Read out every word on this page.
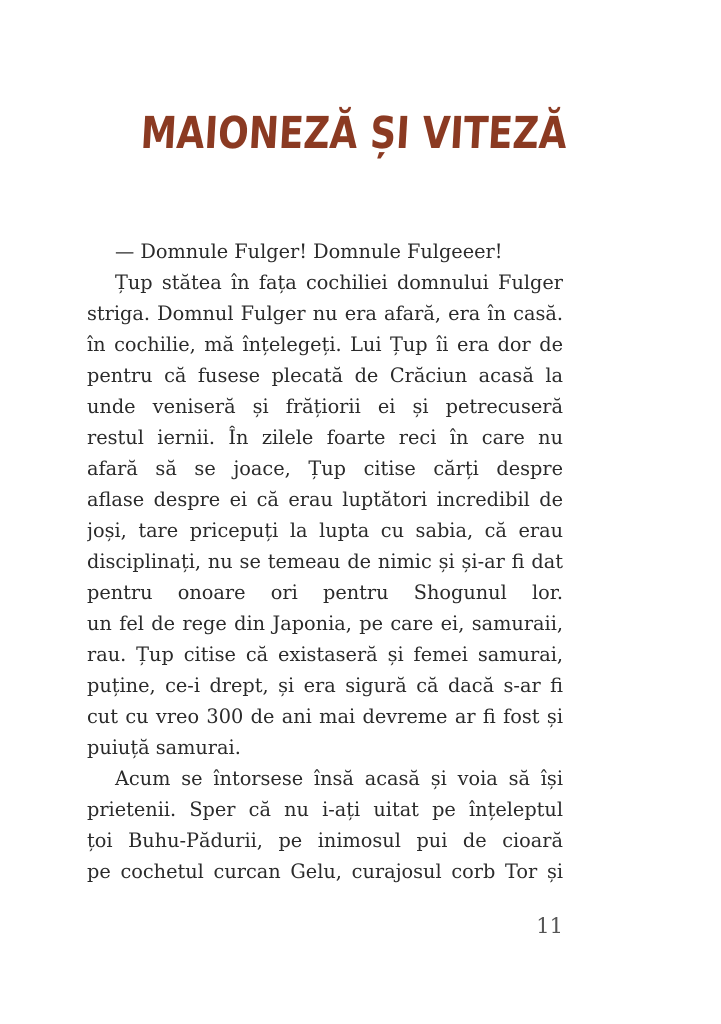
MAIONEZĂ ȘI VITEZĂ
— Domnule Fulger! Domnule Fulgeeer!
Țup stătea în fața cochiliei domnului Fulger
striga. Domnul Fulger nu era afară, era în casă.
în cochilie, mă înțelegeți. Lui Țup îi era dor de
pentru că fusese plecată de Crăciun acasă la
unde veniseră și frățiorii ei și petrecuseră
restul iernii. În zilele foarte reci în care nu
afară să se joace, Țup citise cărți despre
aflase despre ei că erau luptători incredibil de
joși, tare pricepuți la lupta cu sabia, că erau
disciplinați, nu se temeau de nimic și și-ar fi dat
pentru onoare ori pentru Shogunul lor.
un fel de rege din Japonia, pe care ei, samuraii,
rau. Țup citise că existaseră și femei samurai,
puține, ce-i drept, și era sigură că dacă s-ar fi
cut cu vreo 300 de ani mai devreme ar fi fost și
puiuță samurai.
Acum se întorsese însă acasă și voia să își
prietenii. Sper că nu i-ați uitat pe înțeleptul
țoi Buhu-Pădurii, pe inimosul pui de cioară
pe cochetul curcan Gelu, curajosul corb Tor și
11
